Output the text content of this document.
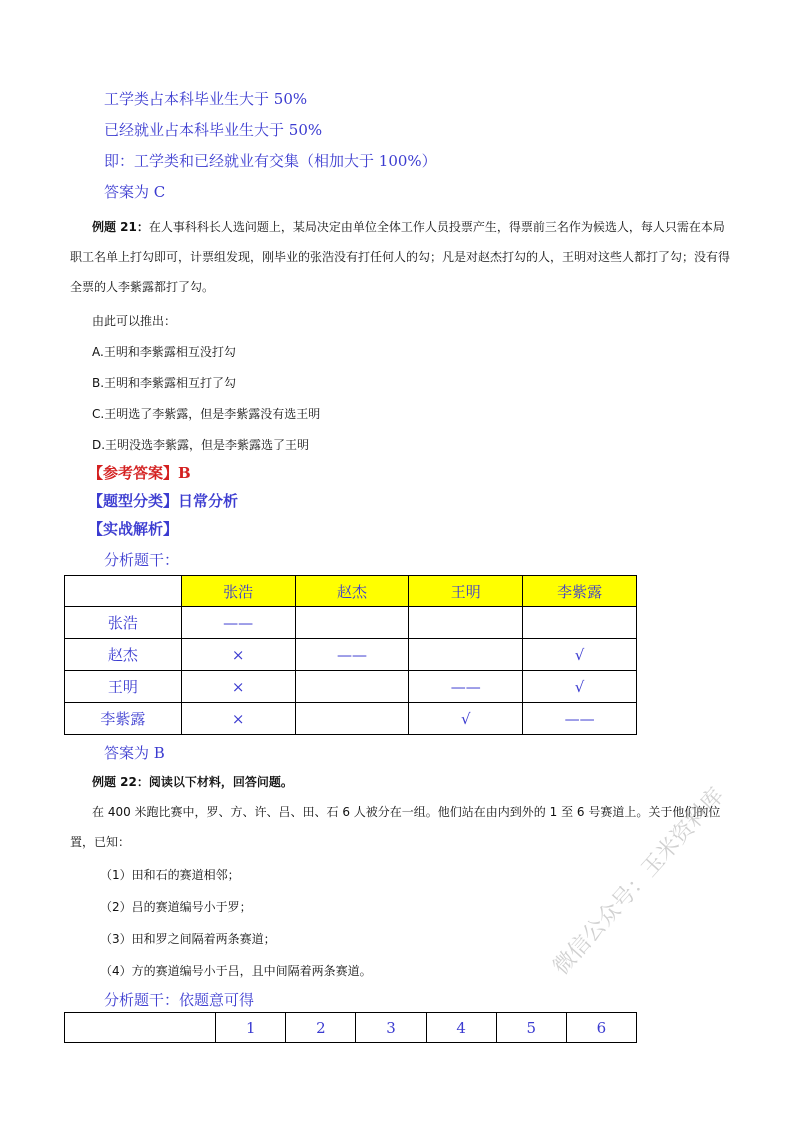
工学类占本科毕业生大于 50%
已经就业占本科毕业生大于 50%
即：工学类和已经就业有交集（相加大于 100%）
答案为 C
例题 21：在人事科科长人选问题上，某局决定由单位全体工作人员投票产生，得票前三名作为候选人，每人只需在本局职工名单上打勾即可，计票组发现，刚毕业的张浩没有打任何人的勾；凡是对赵杰打勾的人，王明对这些人都打了勾；没有得全票的人李紫露都打了勾。
由此可以推出：
A.王明和李紫露相互没打勾
B.王明和李紫露相互打了勾
C.王明选了李紫露，但是李紫露没有选王明
D.王明没选李紫露，但是李紫露选了王明
【参考答案】B
【题型分类】日常分析
【实战解析】
分析题干：
	张浩	赵杰	王明	李紫露
张浩	——			
赵杰	×	——		√
王明	×		——	√
李紫露	×		√	——
答案为 B
例题 22：阅读以下材料，回答问题。
在 400 米跑比赛中，罗、方、许、吕、田、石 6 人被分在一组。他们站在由内到外的 1 至 6 号赛道上。关于他们的位置，已知：
（1）田和石的赛道相邻；
（2）吕的赛道编号小于罗；
（3）田和罗之间隔着两条赛道；
（4）方的赛道编号小于吕，且中间隔着两条赛道。
分析题干：依题意可得
	1	2	3	4	5	6
微信公众号：玉米资料库
